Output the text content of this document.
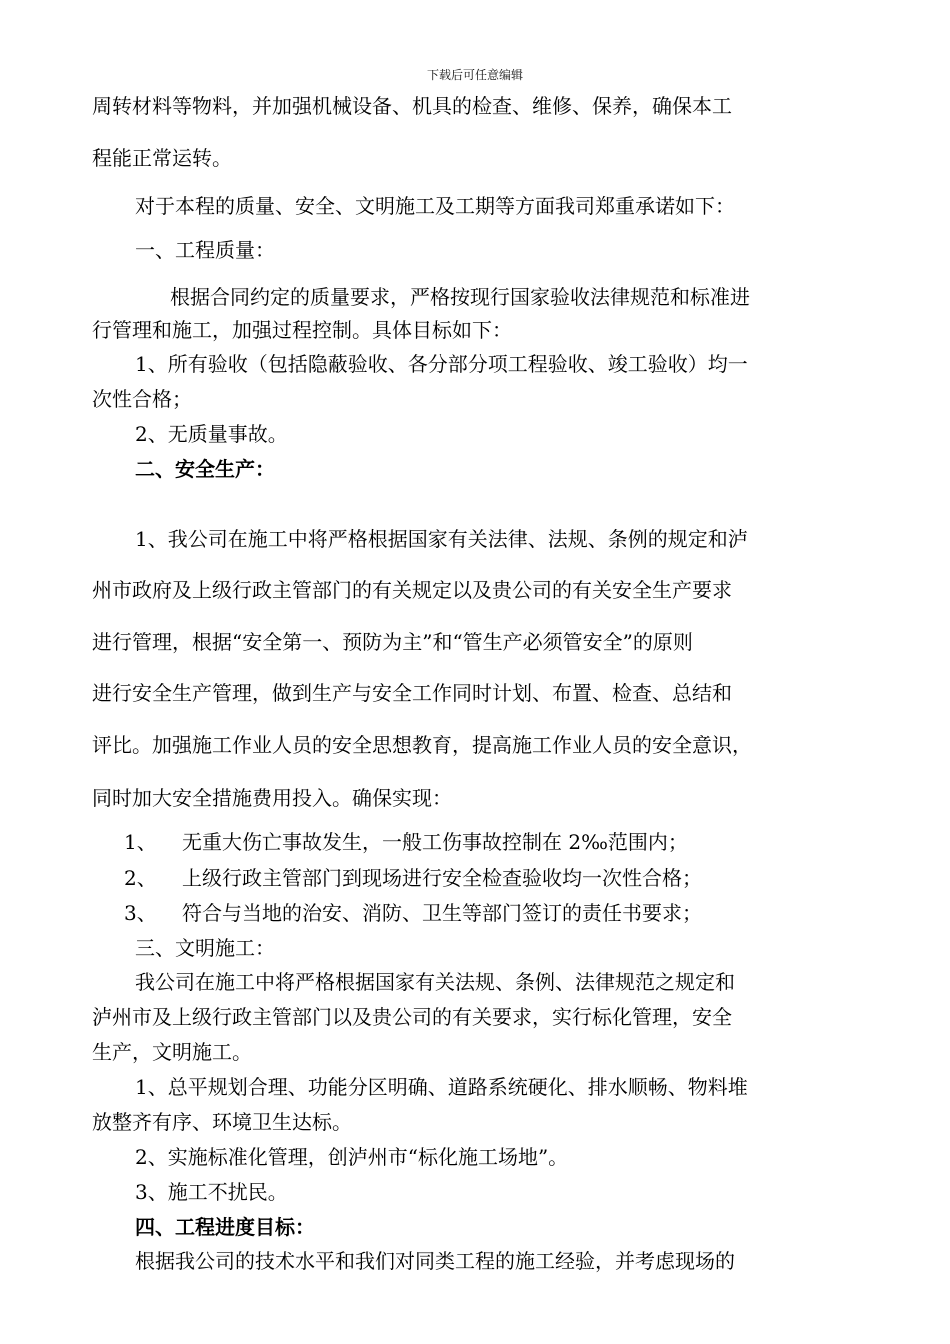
下载后可任意编辑
周转材料等物料，并加强机械设备、机具的检查、维修、保养，确保本工
程能正常运转。
对于本程的质量、安全、文明施工及工期等方面我司郑重承诺如下：
一、工程质量：
根据合同约定的质量要求，严格按现行国家验收法律规范和标准进
行管理和施工，加强过程控制。具体目标如下：
1、所有验收（包括隐蔽验收、各分部分项工程验收、竣工验收）均一
次性合格；
2、无质量事故。
二、安全生产：
1、我公司在施工中将严格根据国家有关法律、法规、条例的规定和泸
州市政府及上级行政主管部门的有关规定以及贵公司的有关安全生产要求
进行管理，根据“安全第一、预防为主”和“管生产必须管安全”的原则
进行安全生产管理，做到生产与安全工作同时计划、布置、检查、总结和
评比。加强施工作业人员的安全思想教育，提高施工作业人员的安全意识，
同时加大安全措施费用投入。确保实现：
1、 无重大伤亡事故发生，一般工伤事故控制在 2‰范围内；
2、 上级行政主管部门到现场进行安全检查验收均一次性合格；
3、 符合与当地的治安、消防、卫生等部门签订的责任书要求；
三、文明施工：
我公司在施工中将严格根据国家有关法规、条例、法律规范之规定和
泸州市及上级行政主管部门以及贵公司的有关要求，实行标化管理，安全
生产，文明施工。
1、总平规划合理、功能分区明确、道路系统硬化、排水顺畅、物料堆
放整齐有序、环境卫生达标。
2、实施标准化管理，创泸州市“标化施工场地”。
3、施工不扰民。
四、工程进度目标：
根据我公司的技术水平和我们对同类工程的施工经验，并考虑现场的
